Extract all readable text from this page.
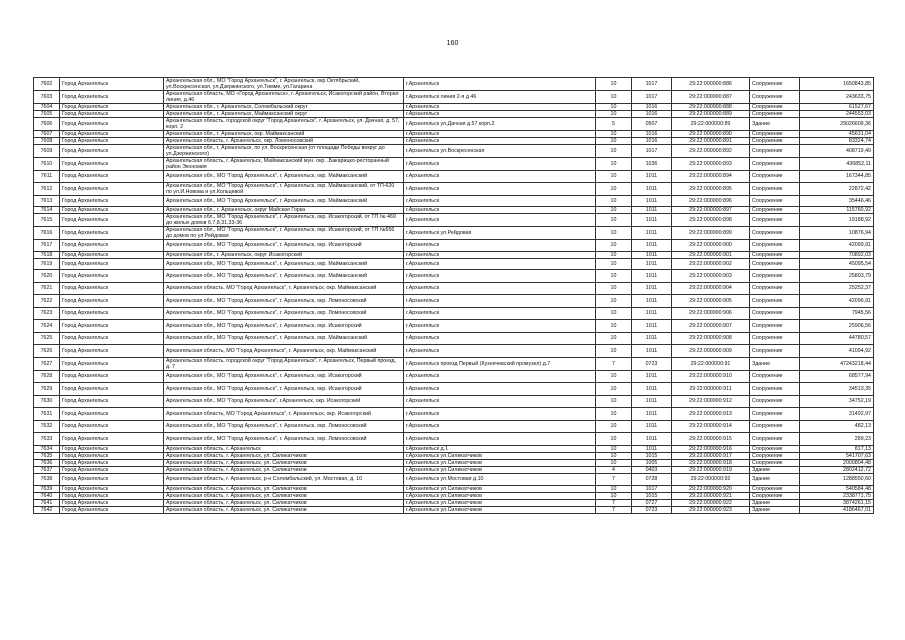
160
7602	Город Архангельск	Архангельская обл., МО "Город Архангельск", г. Архангельск, окр.Октябрьский, ул.Воскресенская, ул.Дзержинского, ул.Тимме, ул.Гагарина	г.Архангельск	10	1017	29:22:000000:886	Сооружение	1650843,85
7603	Город Архангельск	Архангельская область, МО «Город Архангельск», г. Архангельск, Исакогорский район, Вторая линия, д.46	г.Архангельск линия 2-я д 46	10	1017	29:22:000000:887	Сооружение	243633,75
7604	Город Архангельск	Архангельская обл., г. Архангельск, Соломбальский округ	г.Архангельск	10	1016	29:22:000000:888	Сооружение	61527,67
7605	Город Архангельск	Архангельская обл., г. Архангельск, Маймаксанский округ	г.Архангельск	10	1016	29:22:000000:889	Сооружение	244553,03
7606	Город Архангельск	Архангельская область, городской округ "Город Архангельск", г. Архангельск, ул. Дачная, д. 57, корп. 2	г.Архангельск ул.Дачная д.57 корп.2	5	0507	29:22:000000:89	Здание	29026609,36
7607	Город Архангельск	Архангельская обл., г. Архангельск, окр. Маймаксанский	г.Архангельск	10	1016	29:22:000000:890	Сооружение	45631,04
7608	Город Архангельск	Архангельская область, г. Архангельск, окр. Ломоносовский	г.Архангельск	10	1016	29:22:000000:891	Сооружение	83324,74
7609	Город Архангельск	Архангельская обл., г. Архангельск, по ул. Воскресенская (от площади Победы вокруг до ул.Дзержинского)	г.Архангельск ул.Воскресенская	10	1017	29:22:000000:892	Сооружение	408719,49
7610	Город Архангельск	Архангельская область, г. Архангельск, Маймаксанский мун. окр. ,Бакарицко-ресторанный район Экономия	г.Архангельск	10	1036	29:22:000000:893	Сооружение	436852,11
7611	Город Архангельск	Архангельская обл., МО "Город Архангельск", г. Архангельск, окр. Маймаксанский	г.Архангельск	10	1011	29:22:000000:894	Сооружение	167344,85
7612	Город Архангельск	Архангельская обл., МО "Город Архангельск", г. Архангельск, окр. Маймаксанский, от ТП-620 по ул.И.Новова и ул.Кольцевой	г.Архангельск	10	1011	29:22:000000:895	Сооружение	22872,42
7613	Город Архангельск	Архангельская обл., МО "Город Архангельск", г. Архангельск, окр. Маймаксанский	г.Архангельск	10	1011	29:22:000000:896	Сооружение	35446,46
7614	Город Архангельск	Архангельская обл., г. Архангельск, округ Майская Горка	г.Архангельск	10	1011	29:22:000000:897	Сооружение	115760,92
7615	Город Архангельск	Архангельская обл., МО "Город Архангельск", г. Архангельск, окр. Исакогорский, от ТП № 469 до жилых домов 6,7,8,31,33-36	г.Архангельск	10	1011	29:22:000000:898	Сооружение	19188,92
7616	Город Архангельск	Архангельская обл., МО "Город Архангельск", г. Архангельск, окр. Исакогорский, от ТП №556 до домов по ул.Рейдовая	г.Архангельск ул.Рейдовая	10	1011	29:22:000000:899	Сооружение	10876,94
7617	Город Архангельск	Архангельская обл., МО "Город Архангельск", г. Архангельск, окр. Исакогорский	г.Архангельск	10	1011	29:22:000000:900	Сооружение	42099,91
7618	Город Архангельск	Архангельская обл., г. Архангельск, округ Исакогорский	г.Архангельск	10	1011	29:22:000000:901	Сооружение	70892,03
7619	Город Архангельск	Архангельская обл., МО "Город Архангельск", г. Архангельск, окр. Маймаксанский	г.Архангельск	10	1011	29:22:000000:902	Сооружение	45095,54
7620	Город Архангельск	Архангельская обл., МО "Город Архангельск", г. Архангельск, окр. Маймаксанский	г.Архангельск	10	1011	29:22:000000:903	Сооружение	25803,79
7621	Город Архангельск	Архангельская область, МО "Город Архангельск", г. Архангельск, окр. Маймаксанский	г.Архангельск	10	1011	29:22:000000:904	Сооружение	25252,37
7622	Город Архангельск	Архангельская обл., МО "Город Архангельск", г. Архангельск, окр. Ломоносовский	г.Архангельск	10	1011	29:22:000000:905	Сооружение	42096,91
7623	Город Архангельск	Архангельская обл., МО "Город Архангельск", г. Архангельск, окр. Ломоносовский	г.Архангельск	10	1011	29:22:000000:906	Сооружение	7945,56
7624	Город Архангельск	Архангельская обл., МО "Город Архангельск", г. Архангельск, окр. Исакогорский	г.Архангельск	10	1011	29:22:000000:907	Сооружение	25906,56
7625	Город Архангельск	Архангельская обл., МО "Город Архангельск", г. Архангельск, окр. Маймаксанский	г.Архангельск	10	1011	29:22:000000:908	Сооружение	44780,57
7626	Город Архангельск	Архангельская область, МО "Город Архангельск", г. Архангельск, окр. Маймаксанский	г.Архангельск	10	1011	29:22:000000:909	Сооружение	41094,92
7627	Город Архангельск	Архангельская область, городской округ "Город Архангельск", г. Архангельск, Первый проезд, д. 7	г.Архангельск проезд Первый (Кузнечевский промузел) д.7	7	0723	29:22:000000:91	Здание	47243218,44
7628	Город Архангельск	Архангельская обл., МО "Город Архангельск", г. Архангельск, окр. Исакогорский	г.Архангельск	10	1011	29:22:000000:910	Сооружение	68577,94
7629	Город Архангельск	Архангельская обл., МО "Город Архангельск", г. Архангельск, окр. Исакогорский	г.Архангельск	10	1011	29:22:000000:911	Сооружение	34513,35
7630	Город Архангельск	Архангельская обл., МО "Город Архангельск", г.Архангельск, окр. Исакогорский	г.Архангельск	10	1011	29:22:000000:912	Сооружение	34752,19
7631	Город Архангельск	Архангельская область, МО "Город Архангельск", г. Архангельск, окр. Исакогорский	г.Архангельск	10	1011	29:22:000000:913	Сооружение	31492,97
7632	Город Архангельск	Архангельская обл., МО "Город Архангельск", г. Архангельск, окр. Ломоносовский	г.Архангельск	10	1011	29:22:000000:914	Сооружение	482,13
7633	Город Архангельск	Архангельская обл., МО "Город Архангельск", г. Архангельск, окр. Ломоносовский	г.Архангельск	10	1011	29:22:000000:915	Сооружение	289,23
7634	Город Архангельск	Архангельская область, г. Архангельск	г.Архангельск д.1	10	1011	29:22:000000:916	Сооружение	817,13
7635	Город Архангельск	Архангельская область, г. Архангельск, ул. Силикатчиков	г.Архангельск ул.Силикатчиков	10	1015	29:22:000000:917	Сооружение	541707,63
7636	Город Архангельск	Архангельская область, г. Архангельск, ул. Силикатчиков	г.Архангельск ул.Силикатчиков	10	1005	29:22:000000:918	Сооружение	2000804,48
7637	Город Архангельск	Архангельская область, г. Архангельск, ул. Силикатчиков	г.Архангельск ул.Силикатчиков	4	0403	29:22:000000:919	Здание	2802412,72
7638	Город Архангельск	Архангельская область, г. Архангельск, р-н Соломбальский, ул. Мостовая, д. 10	г.Архангельск ул.Мостовая д.10	7	0728	29:22:000000:92	Здание	1288550,60
7639	Город Архангельск	Архангельская область, г. Архангельск, ул. Силикатчиков	г.Архангельск ул.Силикатчиков	10	1017	29:22:000000:920	Сооружение	540584,48
7640	Город Архангельск	Архангельская область, г. Архангельск, ул. Силикатчиков	г.Архангельск ул.Силикатчиков	10	1015	29:22:000000:921	Сооружение	2338771,75
7641	Город Архангельск	Архангельская область, г. Архангельск, ул. Силикатчиков	г.Архангельск ул.Силикатчиков	7	0727	29:22:000000:922	Здание	3874261,15
7642	Город Архангельск	Архангельская область, г. Архангельск, ул. Силикатчиков	г.Архангельск ул.Силикатчиков	7	0723	29:22:000000:923	Здание	4186467,01
